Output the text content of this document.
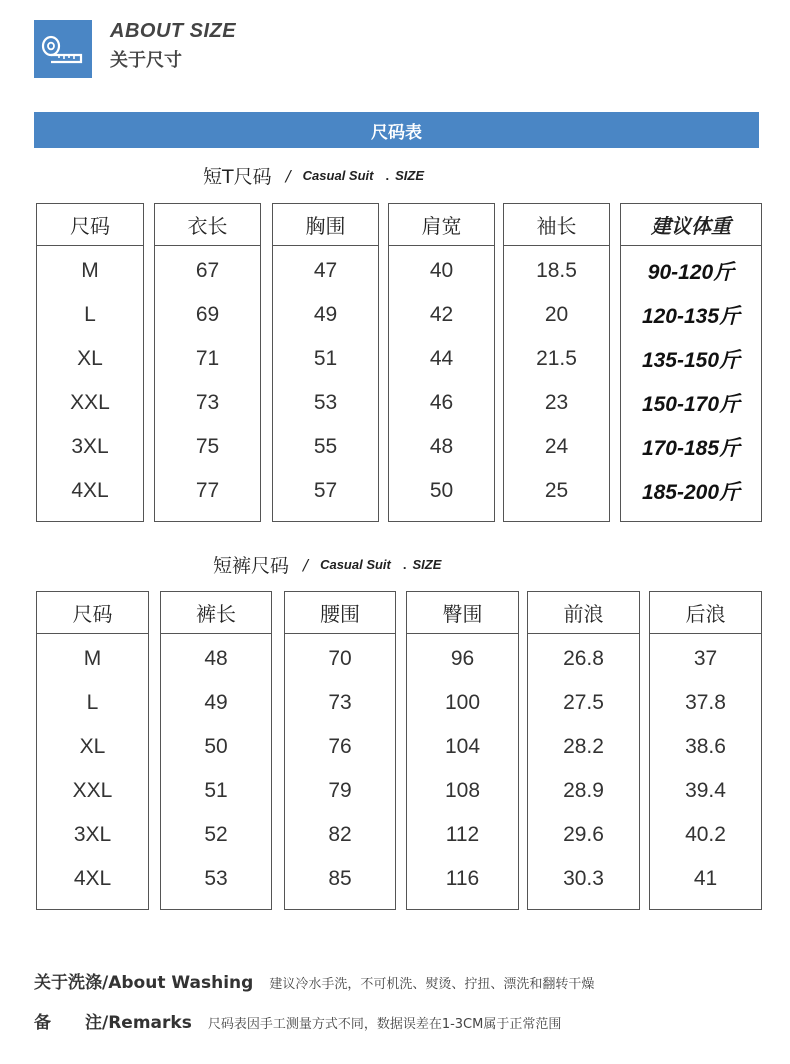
ABOUT SIZE
关于尺寸
尺码表
短T尺码 / Casual Suit . SIZE
尺码
M
L
XL
XXL
3XL
4XL
衣长
67
69
71
73
75
77
胸围
47
49
51
53
55
57
肩宽
40
42
44
46
48
50
袖长
18.5
20
21.5
23
24
25
建议体重
90-120斤
120-135斤
135-150斤
150-170斤
170-185斤
185-200斤
短裤尺码 / Casual Suit . SIZE
尺码
M
L
XL
XXL
3XL
4XL
裤长
48
49
50
51
52
53
腰围
70
73
76
79
82
85
臀围
96
100
104
108
112
116
前浪
26.8
27.5
28.2
28.9
29.6
30.3
后浪
37
37.8
38.6
39.4
40.2
41
关于洗涤/About Washing 建议冷水手洗，不可机洗、熨烫、拧扭、漂洗和翻转干燥
备　　注/Remarks 尺码表因手工测量方式不同，数据误差在1-3CM属于正常范围
